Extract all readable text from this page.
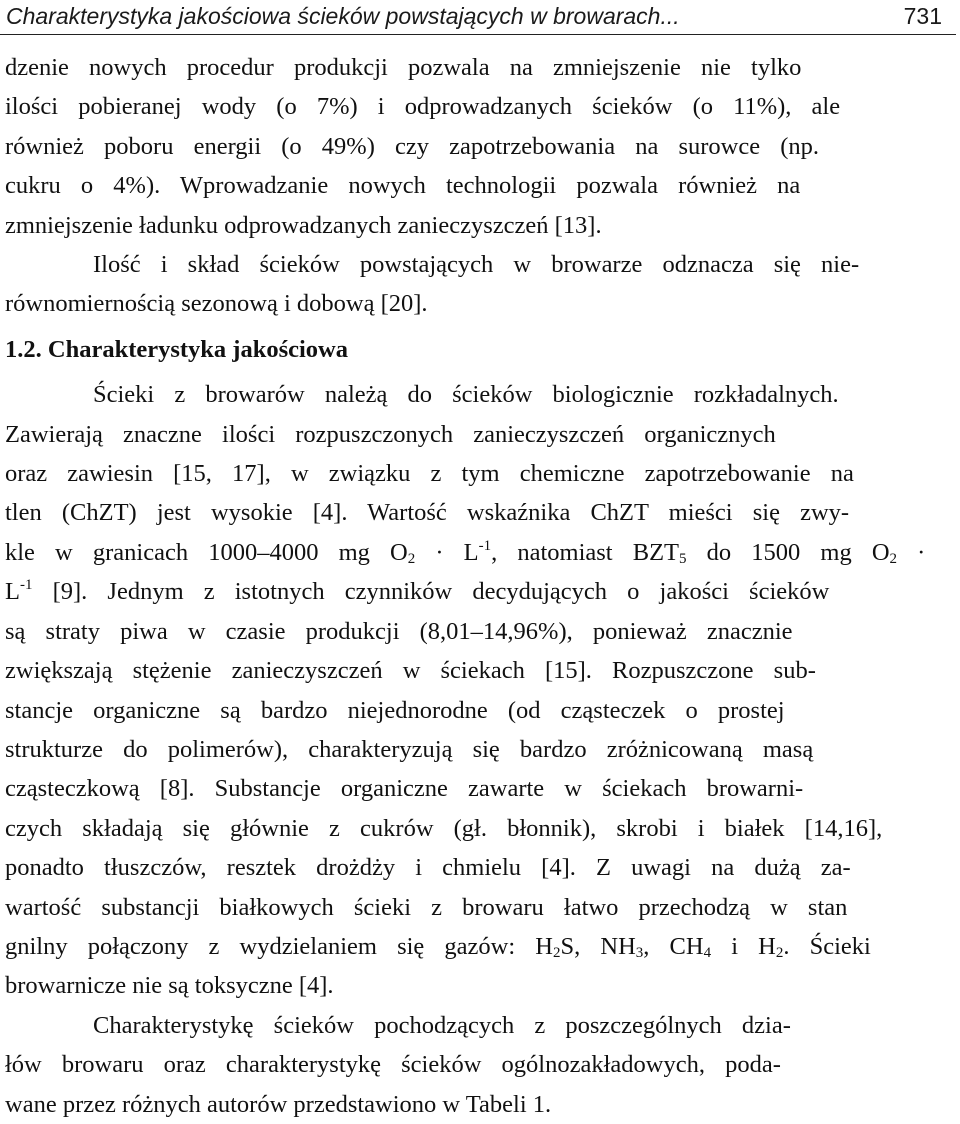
Charakterystyka jakościowa ścieków powstających w browarach...	731

dzenie nowych procedur produkcji pozwala na zmniejszenie nie tylko
ilości pobieranej wody (o 7%) i odprowadzanych ścieków (o 11%), ale
również poboru energii (o 49%) czy zapotrzebowania na surowce (np.
cukru o 4%). Wprowadzanie nowych technologii pozwala również na
zmniejszenie ładunku odprowadzanych zanieczyszczeń [13].

Ilość i skład ścieków powstających w browarze odznacza się nie-
równomiernością sezonową i dobową [20].

1.2. Charakterystyka jakościowa

Ścieki z browarów należą do ścieków biologicznie rozkładalnych.
Zawierają znaczne ilości rozpuszczonych zanieczyszczeń organicznych
oraz zawiesin [15, 17], w związku z tym chemiczne zapotrzebowanie na
tlen (ChZT) jest wysokie [4]. Wartość wskaźnika ChZT mieści się zwy-
kle w granicach 1000–4000 mg $O_2 \cdot L^{-1}$, natomiast $BZT_5$ do 1500 mg $O_2$ ·
$L^{-1}$ [9]. Jednym z istotnych czynników decydujących o jakości ścieków
są straty piwa w czasie produkcji (8,01–14,96%), ponieważ znacznie
zwiększają stężenie zanieczyszczeń w ściekach [15]. Rozpuszczone sub-
stancje organiczne są bardzo niejednorodne (od cząsteczek o prostej
strukturze do polimerów), charakteryzują się bardzo zróżnicowaną masą
cząsteczkową [8]. Substancje organiczne zawarte w ściekach browarni-
czych składają się głównie z cukrów (gł. błonnik), skrobi i białek [14,16],
ponadto tłuszczów, resztek drożdży i chmielu [4]. Z uwagi na dużą za-
wartość substancji białkowych ścieki z browaru łatwo przechodzą w stan
gnilny połączony z wydzielaniem się gazów: $H_2S$, $NH_3$, $CH_4$ i $H_2$. Ścieki
browarnicze nie są toksyczne [4].

Charakterystykę ścieków pochodzących z poszczególnych dzia-
łów browaru oraz charakterystykę ścieków ogólnozakładowych, poda-
wane przez różnych autorów przedstawiono w Tabeli 1.
